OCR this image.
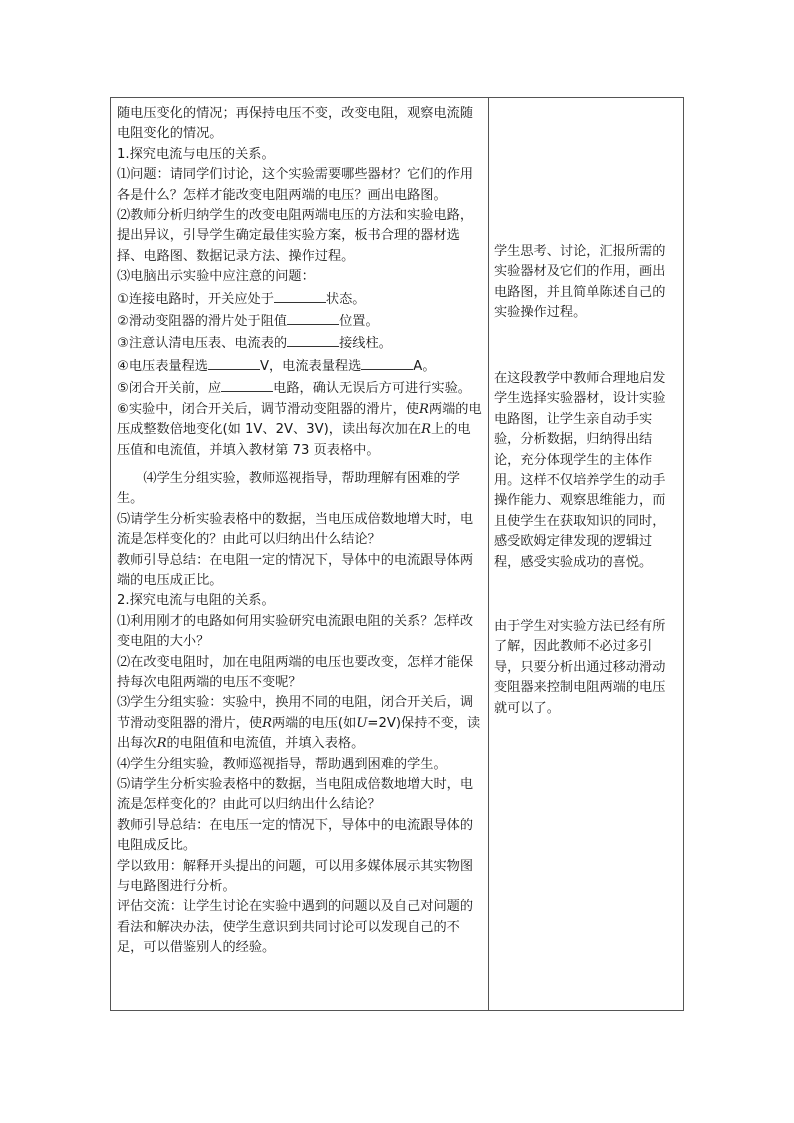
随电压变化的情况；再保持电压不变，改变电阻，观察电流随电阻变化的情况。

1.探究电流与电压的关系。

⑴问题：请同学们讨论，这个实验需要哪些器材？它们的作用各是什么？怎样才能改变电阻两端的电压？画出电路图。

⑵教师分析归纳学生的改变电阻两端电压的方法和实验电路，提出异议，引导学生确定最佳实验方案，板书合理的器材选择、电路图、数据记录方法、操作过程。

⑶电脑出示实验中应注意的问题：

①连接电路时，开关应处于	状态。

②滑动变阻器的滑片处于阻值	位置。

③注意认清电压表、电流表的	接线柱。

④电压表量程选	V，电流表量程选	A。

⑤闭合开关前，应	电路，确认无误后方可进行实验。

⑥实验中，闭合开关后，调节滑动变阻器的滑片，使R两端的电压成整数倍地变化(如 1V、2V、3V)，读出每次加在R上的电压值和电流值，并填入教材第 73 页表格中。

⑷学生分组实验，教师巡视指导，帮助理解有困难的学生。

⑸请学生分析实验表格中的数据，当电压成倍数地增大时，电流是怎样变化的？由此可以归纳出什么结论？

教师引导总结：在电阻一定的情况下，导体中的电流跟导体两端的电压成正比。

2.探究电流与电阻的关系。

⑴利用刚才的电路如何用实验研究电流跟电阻的关系？怎样改变电阻的大小？

⑵在改变电阻时，加在电阻两端的电压也要改变，怎样才能保持每次电阻两端的电压不变呢？

⑶学生分组实验：实验中，换用不同的电阻，闭合开关后，调节滑动变阻器的滑片，使R两端的电压(如U=2V)保持不变，读出每次R的电阻值和电流值，并填入表格。

⑷学生分组实验，教师巡视指导，帮助遇到困难的学生。

⑸请学生分析实验表格中的数据，当电阻成倍数地增大时，电流是怎样变化的？由此可以归纳出什么结论？

教师引导总结：在电压一定的情况下，导体中的电流跟导体的电阻成反比。

学以致用：解释开头提出的问题，可以用多媒体展示其实物图与电路图进行分析。

评估交流：让学生讨论在实验中遇到的问题以及自己对问题的看法和解决办法，使学生意识到共同讨论可以发现自己的不足，可以借鉴别人的经验。

学生思考、讨论，汇报所需的实验器材及它们的作用，画出电路图，并且简单陈述自己的实验操作过程。

在这段教学中教师合理地启发学生选择实验器材，设计实验电路图，让学生亲自动手实验，分析数据，归纳得出结论，充分体现学生的主体作用。这样不仅培养学生的动手操作能力、观察思维能力，而且使学生在获取知识的同时，感受欧姆定律发现的逻辑过程，感受实验成功的喜悦。

由于学生对实验方法已经有所了解，因此教师不必过多引导，只要分析出通过移动滑动变阻器来控制电阻两端的电压就可以了。
